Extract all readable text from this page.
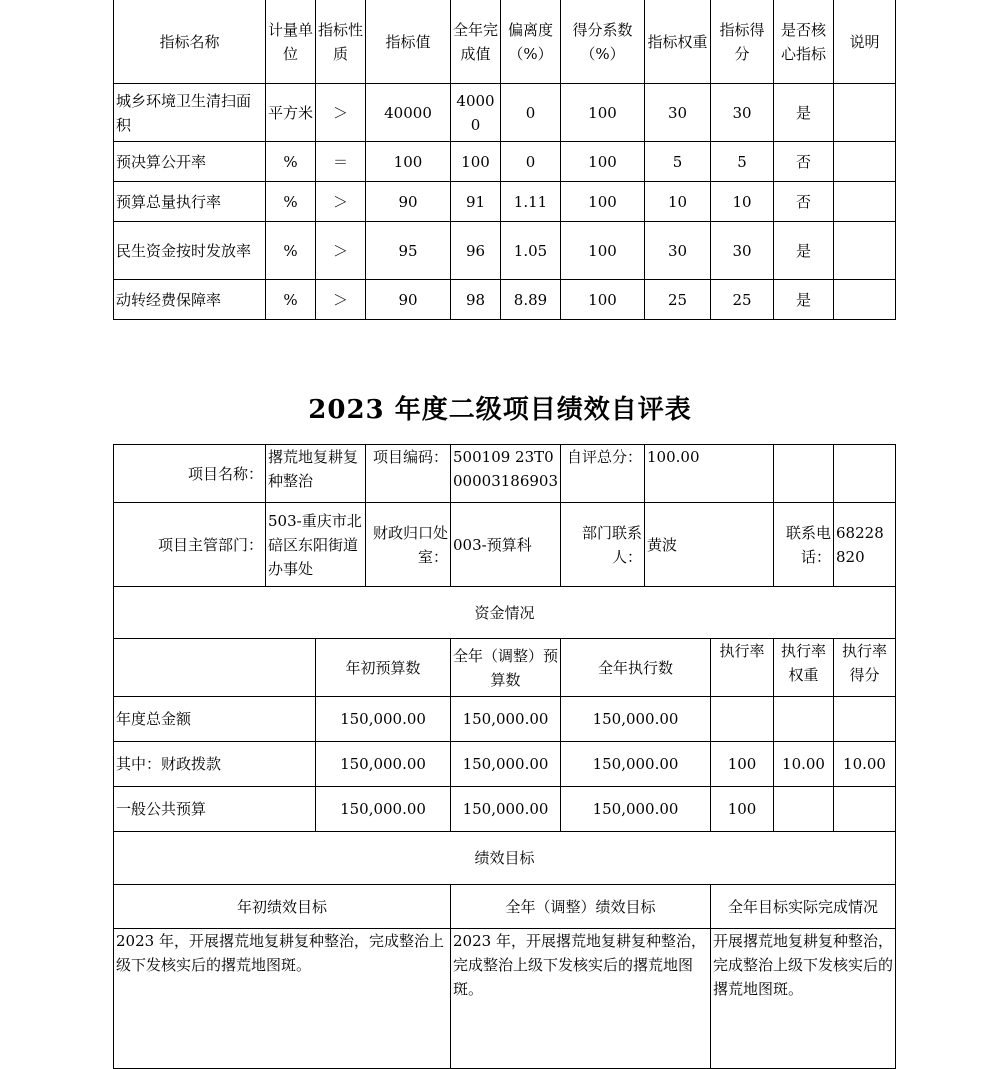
指标名称	计量单位	指标性质	指标值	全年完成值	偏离度（%）	得分系数（%）	指标权重	指标得分	是否核心指标	说明
城乡环境卫生清扫面积	平方米	＞	40000	40000	0	100	30	30	是	
预决算公开率	%	＝	100	100	0	100	5	5	否	
预算总量执行率	%	＞	90	91	1.11	100	10	10	否	
民生资金按时发放率	%	＞	95	96	1.05	100	30	30	是	
动转经费保障率	%	＞	90	98	8.89	100	25	25	是	
2023 年度二级项目绩效自评表
项目名称：	撂荒地复耕复种整治		项目编码：	500109 23T000003186903	自评总分：	100.00			
项目主管部门：	503-重庆市北碚区东阳街道办事处		财政归口处室：	003-预算科	部门联系人：	黄波		联系电话：	68228820
资金情况									
		年初预算数		全年（调整）预算数	全年执行数		执行率	执行率权重	执行率得分
年度总金额		150,000.00		150,000.00	150,000.00				
其中：财政拨款		150,000.00		150,000.00	150,000.00		100	10.00	10.00
一般公共预算		150,000.00		150,000.00	150,000.00		100		
绩效目标									
年初绩效目标				全年（调整）绩效目标			全年目标实际完成情况		
2023 年，开展撂荒地复耕复种整治，完成整治上级下发核实后的撂荒地图斑。				2023 年，开展撂荒地复耕复种整治，完成整治上级下发核实后的撂荒地图斑。			开展撂荒地复耕复种整治，完成整治上级下发核实后的撂荒地图斑。		
